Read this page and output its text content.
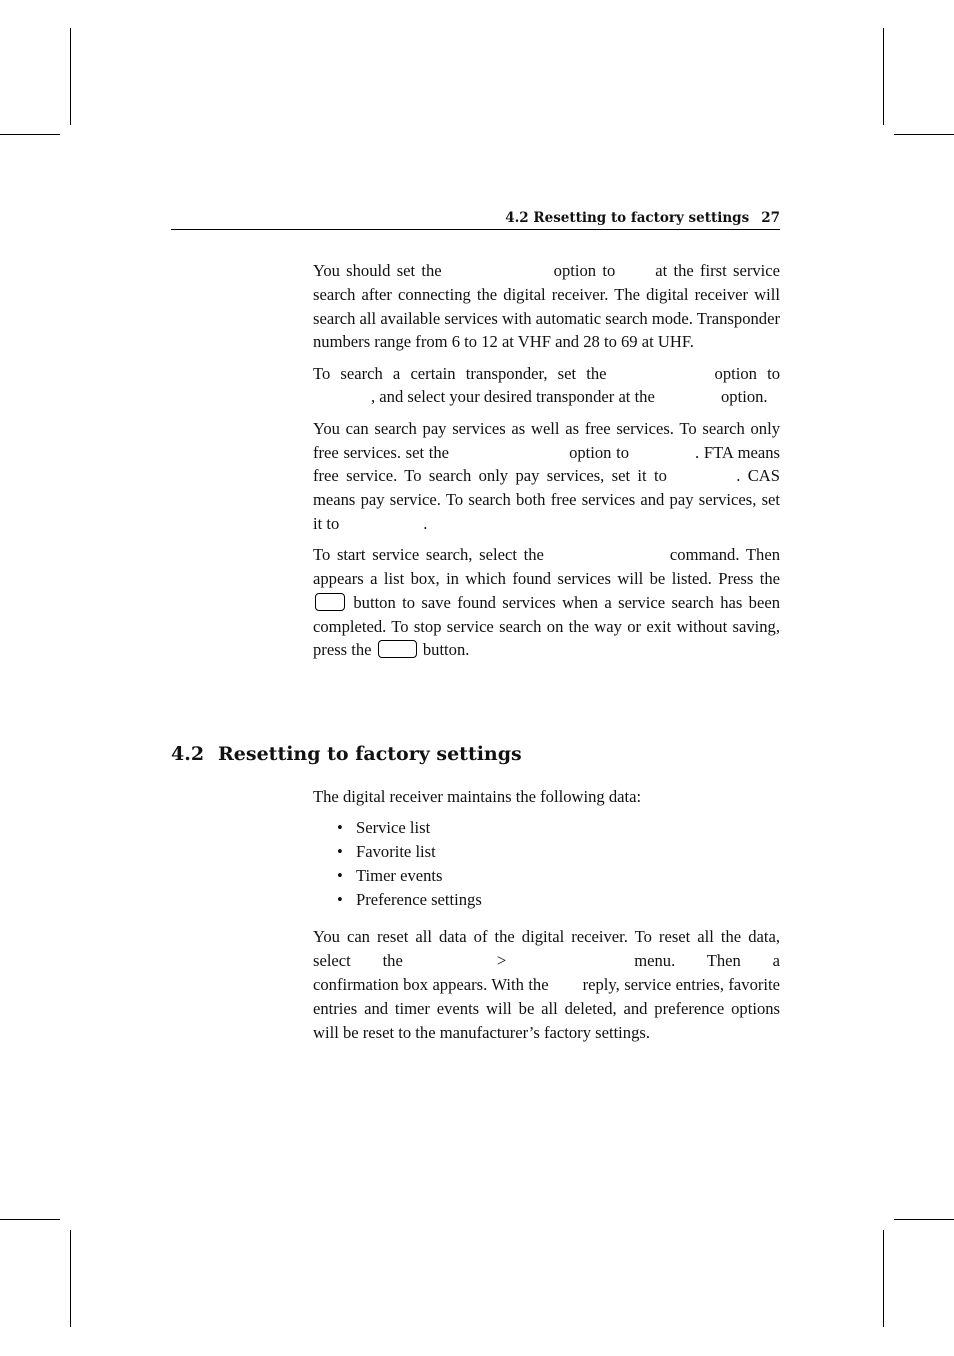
4.2 Resetting to factory settings 27

You should set the	option to at the first service search after connecting the digital receiver. The digital receiver will search all available services with automatic search mode. Transponder numbers range from 6 to 12 at VHF and 28 to 69 at UHF.

To search a certain transponder, set the	option to, and select your desired transponder at the	option.

You can search pay services as well as free services. To search only free services. set the	option to	. FTA means free service. To search only pay services, set it to	. CAS means pay service. To search both free services and pay services, set it to	.

To start service search, select the	command. Then appears a list box, in which found services will be listed. Press the  button to save found services when a service search has been completed. To stop service search on the way or exit without saving, press the	button.

4.2 Resetting to factory settings

The digital receiver maintains the following data:

• Service list
• Favorite list
• Timer events
• Preference settings

You can reset all data of the digital receiver. To reset all the data, select the	>	menu. Then a confirmation box appears. With the reply, service entries, favorite entries and timer events will be all deleted, and preference options will be reset to the manufacturer’s factory settings.
